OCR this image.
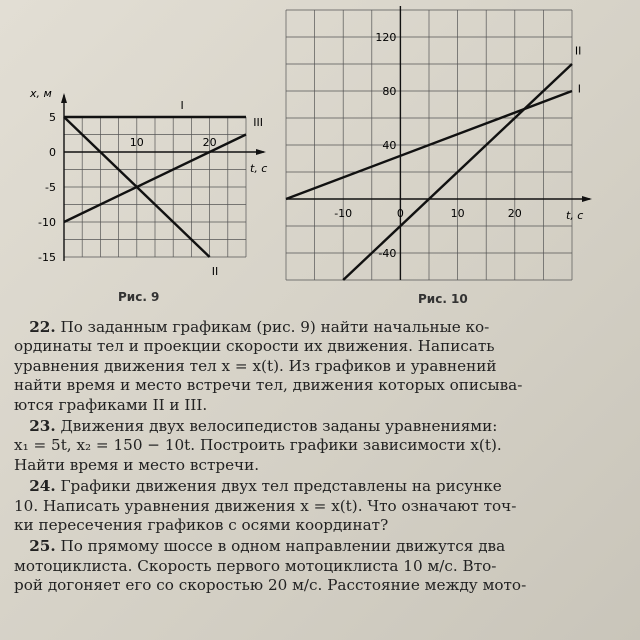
x, м
t, с
5
0
-5
-10
-15
10	20
I
II
III
Рис. 9
t, с
120
80
40
-40
-10	0	10	20
I
II
Рис. 10
 22. По заданным графикам (рис. 9) найти начальные ко-
ординаты тел и проекции скорости их движения. Написать
уравнения движения тел x = x(t). Из графиков и уравнений
найти время и место встречи тел, движения которых описыва-
ются графиками II и III.
 23. Движения двух велосипедистов заданы уравнениями:
x₁ = 5t, x₂ = 150 − 10t. Построить графики зависимости x(t).
Найти время и место встречи.
 24. Графики движения двух тел представлены на рисунке
10. Написать уравнения движения x = x(t). Что означают точ-
ки пересечения графиков с осями координат?
 25. По прямому шоссе в одном направлении движутся два
мотоциклиста. Скорость первого мотоциклиста 10 м/с. Вто-
рой догоняет его со скоростью 20 м/с. Расстояние между мото-
